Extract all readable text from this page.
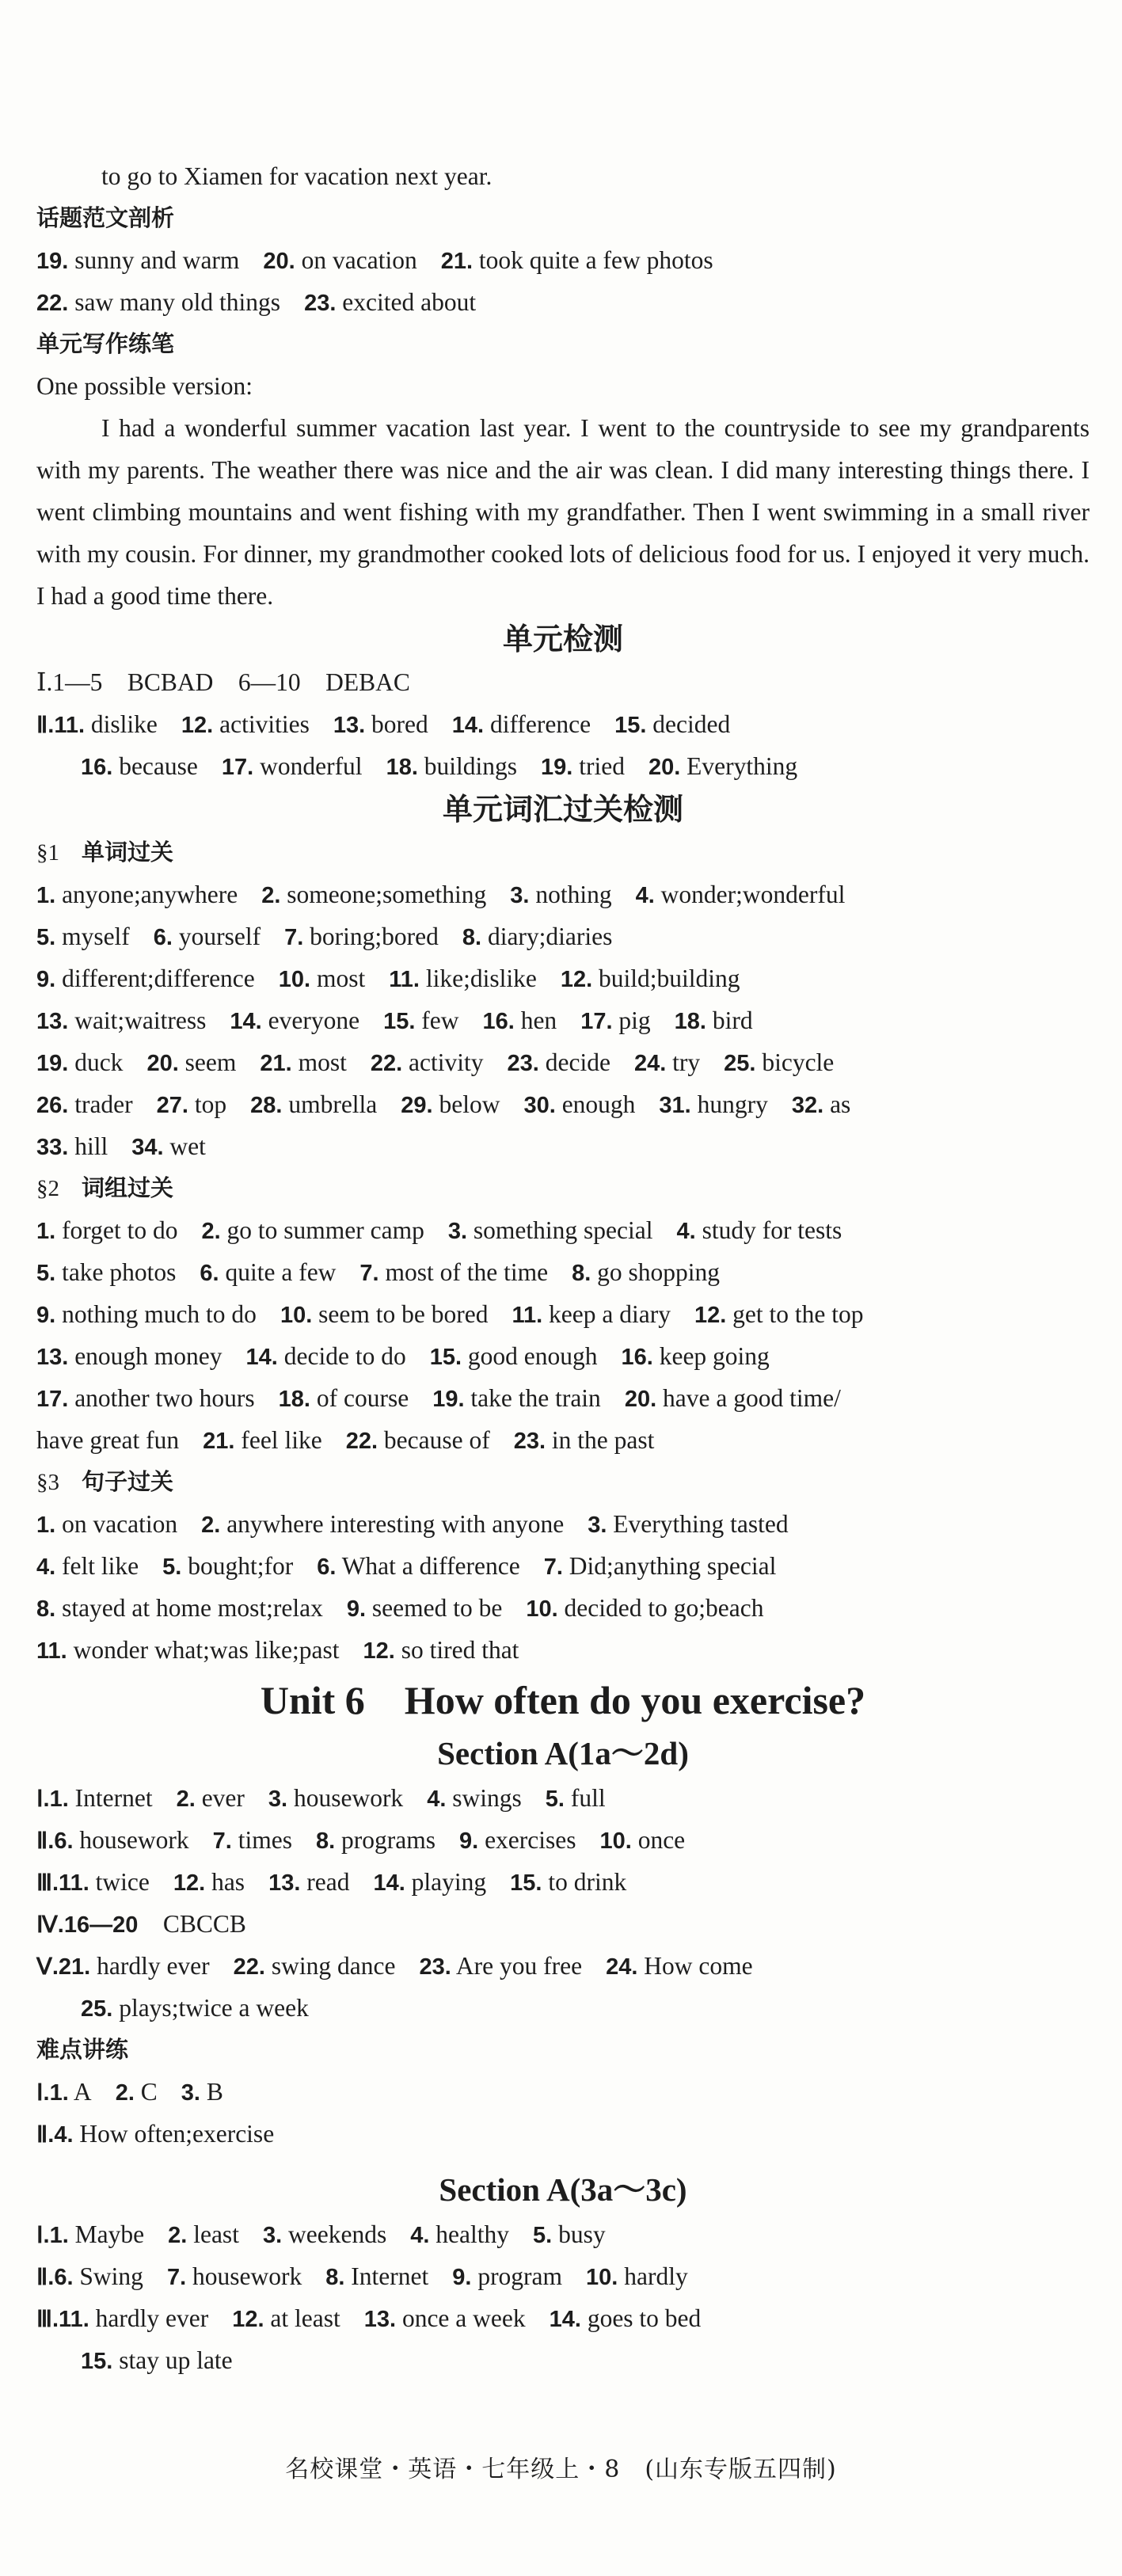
to go to Xiamen for vacation next year.
话题范文剖析
19. sunny and warm 20. on vacation 21. took quite a few photos
22. saw many old things 23. excited about
单元写作练笔
One possible version:

I had a wonderful summer vacation last year. I went to the countryside to see my grandparents with my parents. The weather there was nice and the air was clean. I did many interesting things there. I went climbing mountains and went fishing with my grandfather. Then I went swimming in a small river with my cousin. For dinner, my grandmother cooked lots of delicious food for us. I enjoyed it very much. I had a good time there.

单元检测
Ⅰ.1—5　BCBAD　6—10　DEBAC
Ⅱ.11. dislike 12. activities 13. bored 14. difference 15. decided
16. because 17. wonderful 18. buildings 19. tried 20. Everything
单元词汇过关检测
§1 单词过关
1. anyone;anywhere 2. someone;something 3. nothing 4. wonder;wonderful
5. myself 6. yourself 7. boring;bored 8. diary;diaries
9. different;difference 10. most 11. like;dislike 12. build;building
13. wait;waitress 14. everyone 15. few 16. hen 17. pig 18. bird
19. duck 20. seem 21. most 22. activity 23. decide 24. try 25. bicycle
26. trader 27. top 28. umbrella 29. below 30. enough 31. hungry 32. as
33. hill 34. wet
§2 词组过关
1. forget to do 2. go to summer camp 3. something special 4. study for tests
5. take photos 6. quite a few 7. most of the time 8. go shopping
9. nothing much to do 10. seem to be bored 11. keep a diary 12. get to the top
13. enough money 14. decide to do 15. good enough 16. keep going
17. another two hours 18. of course 19. take the train 20. have a good time/
have great fun 21. feel like 22. because of 23. in the past
§3 句子过关
1. on vacation 2. anywhere interesting with anyone 3. Everything tasted
4. felt like 5. bought;for 6. What a difference 7. Did;anything special
8. stayed at home most;relax 9. seemed to be 10. decided to go;beach
11. wonder what;was like;past 12. so tired that
Unit 6　How often do you exercise?
Section A(1a～2d)
Ⅰ.1. Internet 2. ever 3. housework 4. swings 5. full
Ⅱ.6. housework 7. times 8. programs 9. exercises 10. once
Ⅲ.11. twice 12. has 13. read 14. playing 15. to drink
Ⅳ.16—20　CBCCB
Ⅴ.21. hardly ever 22. swing dance 23. Are you free 24. How come
25. plays;twice a week
难点讲练
Ⅰ.1. A 2. C 3. B
Ⅱ.4. How often;exercise
Section A(3a～3c)
Ⅰ.1. Maybe 2. least 3. weekends 4. healthy 5. busy
Ⅱ.6. Swing 7. housework 8. Internet 9. program 10. hardly
Ⅲ.11. hardly ever 12. at least 13. once a week 14. goes to bed
15. stay up late
名校课堂・英语・七年级上・8　(山东专版五四制)
